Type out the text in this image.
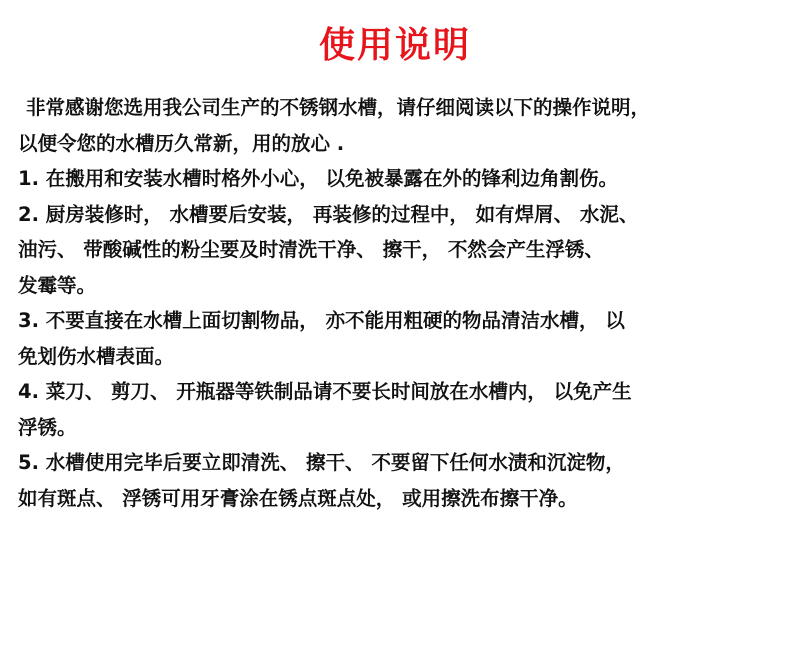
使用说明
非常感谢您选用我公司生产的不锈钢水槽，请仔细阅读以下的操作说明，
以便令您的水槽历久常新，用的放心 .
1. 在搬用和安装水槽时格外小心， 以免被暴露在外的锋利边角割伤。
2. 厨房装修时， 水槽要后安装， 再装修的过程中， 如有焊屑、 水泥、
油污、 带酸碱性的粉尘要及时清洗干净、 擦干， 不然会产生浮锈、
发霉等。
3. 不要直接在水槽上面切割物品， 亦不能用粗硬的物品清洁水槽， 以
免划伤水槽表面。
4. 菜刀、 剪刀、 开瓶器等铁制品请不要长时间放在水槽内， 以免产生
浮锈。
5. 水槽使用完毕后要立即清洗、 擦干、 不要留下任何水渍和沉淀物，
如有斑点、 浮锈可用牙膏涂在锈点斑点处， 或用擦洗布擦干净。
